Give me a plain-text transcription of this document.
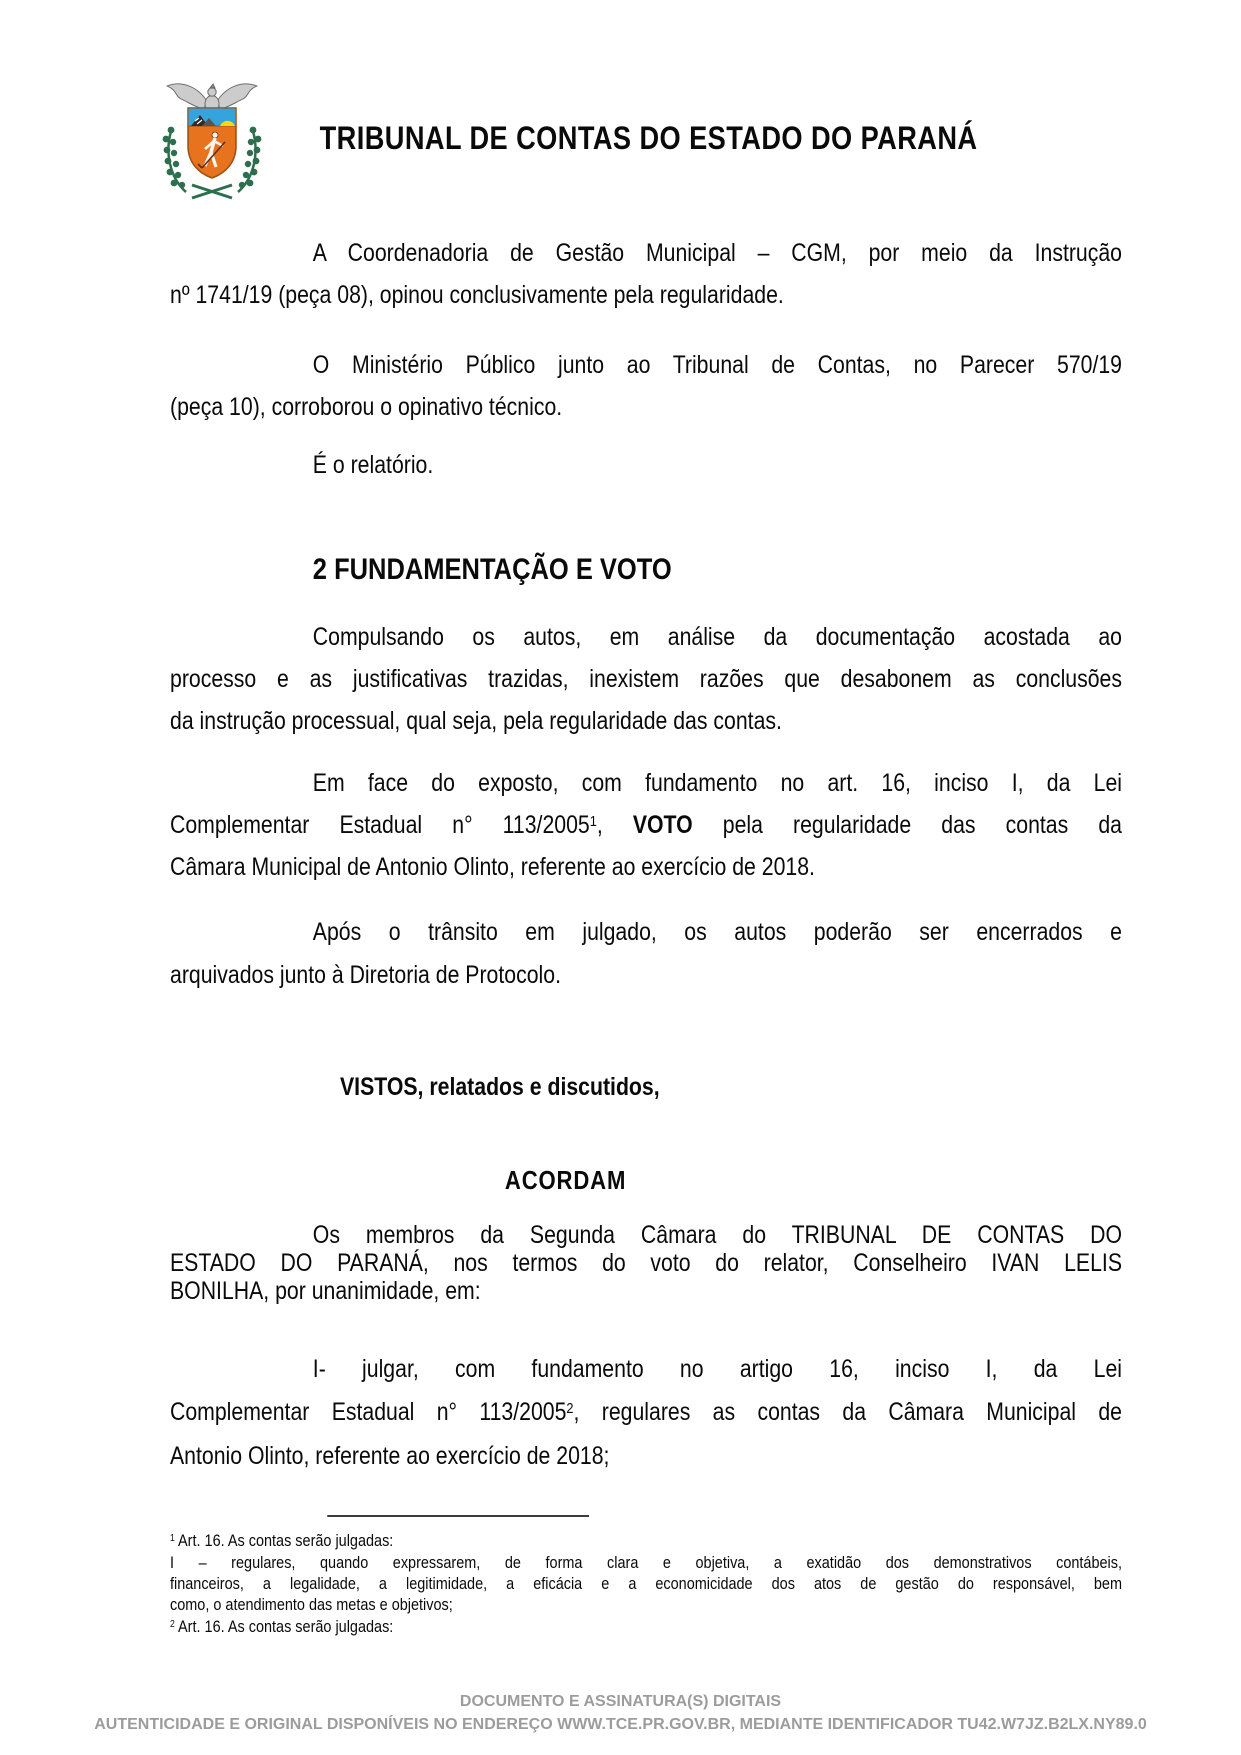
TRIBUNAL DE CONTAS DO ESTADO DO PARANÁ
A Coordenadoria de Gestão Municipal – CGM, por meio da Instrução
nº 1741/19 (peça 08), opinou conclusivamente pela regularidade.
O Ministério Público junto ao Tribunal de Contas, no Parecer 570/19
(peça 10), corroborou o opinativo técnico.
É o relatório.
2 FUNDAMENTAÇÃO E VOTO
Compulsando os autos, em análise da documentação acostada ao
processo e as justificativas trazidas, inexistem razões que desabonem as conclusões
da instrução processual, qual seja, pela regularidade das contas.
Em face do exposto, com fundamento no art. 16, inciso I, da Lei
Complementar Estadual n° 113/2005$^1$, VOTO pela regularidade das contas da
Câmara Municipal de Antonio Olinto, referente ao exercício de 2018.
Após o trânsito em julgado, os autos poderão ser encerrados e
arquivados junto à Diretoria de Protocolo.
VISTOS, relatados e discutidos,
ACORDAM
Os membros da Segunda Câmara do TRIBUNAL DE CONTAS DO
ESTADO DO PARANÁ, nos termos do voto do relator, Conselheiro IVAN LELIS
BONILHA, por unanimidade, em:
I- julgar, com fundamento no artigo 16, inciso I, da Lei
Complementar Estadual n° 113/2005$^2$, regulares as contas da Câmara Municipal de
Antonio Olinto, referente ao exercício de 2018;
$^1$ Art. 16. As contas serão julgadas:
I – regulares, quando expressarem, de forma clara e objetiva, a exatidão dos demonstrativos contábeis,
financeiros, a legalidade, a legitimidade, a eficácia e a economicidade dos atos de gestão do responsável, bem
como, o atendimento das metas e objetivos;
$^2$ Art. 16. As contas serão julgadas:
DOCUMENTO E ASSINATURA(S) DIGITAIS
AUTENTICIDADE E ORIGINAL DISPONÍVEIS NO ENDEREÇO WWW.TCE.PR.GOV.BR, MEDIANTE IDENTIFICADOR TU42.W7JZ.B2LX.NY89.0
